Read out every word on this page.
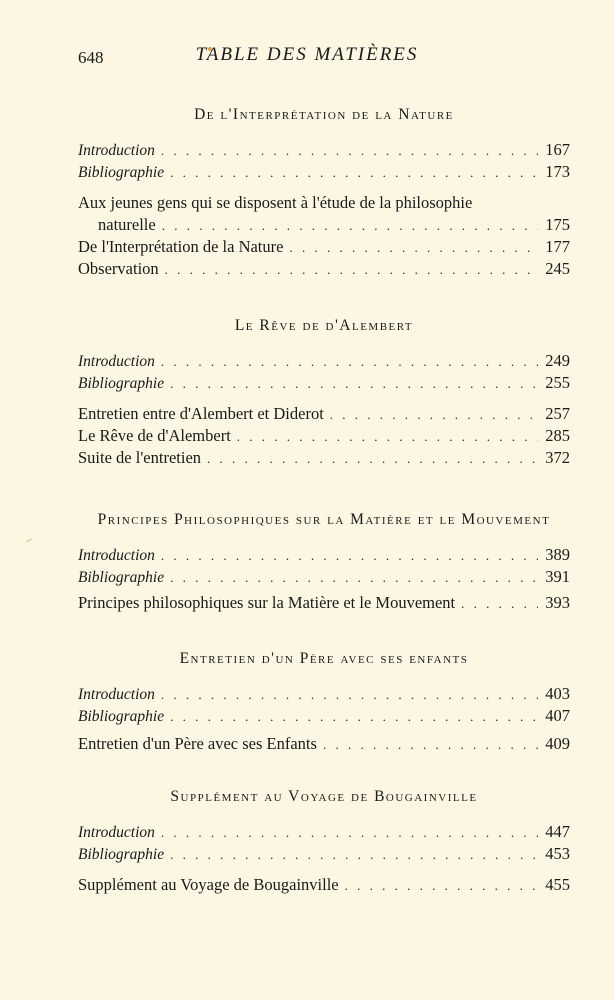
648	TABLE DES MATIÈRES
De l'Interprétation de la Nature
Introduction . . .	167
Bibliographie . . .	173
Aux jeunes gens qui se disposent à l'étude de la philosophie
naturelle . . .	175
De l'Interprétation de la Nature . . .	177
Observation . . .	245
Le Rêve de d'Alembert
Introduction . . .	249
Bibliographie . . .	255
Entretien entre d'Alembert et Diderot . . .	257
Le Rêve de d'Alembert . . .	285
Suite de l'entretien . . .	372
Principes Philosophiques sur la Matière et le Mouvement
Introduction . . .	389
Bibliographie . . .	391
Principes philosophiques sur la Matière et le Mouvement . . .	393
Entretien d'un Père avec ses enfants
Introduction . . .	403
Bibliographie . . .	407
Entretien d'un Père avec ses Enfants . . .	409
Supplément au Voyage de Bougainville
Introduction . . .	447
Bibliographie . . .	453
Supplément au Voyage de Bougainville . . .	455
